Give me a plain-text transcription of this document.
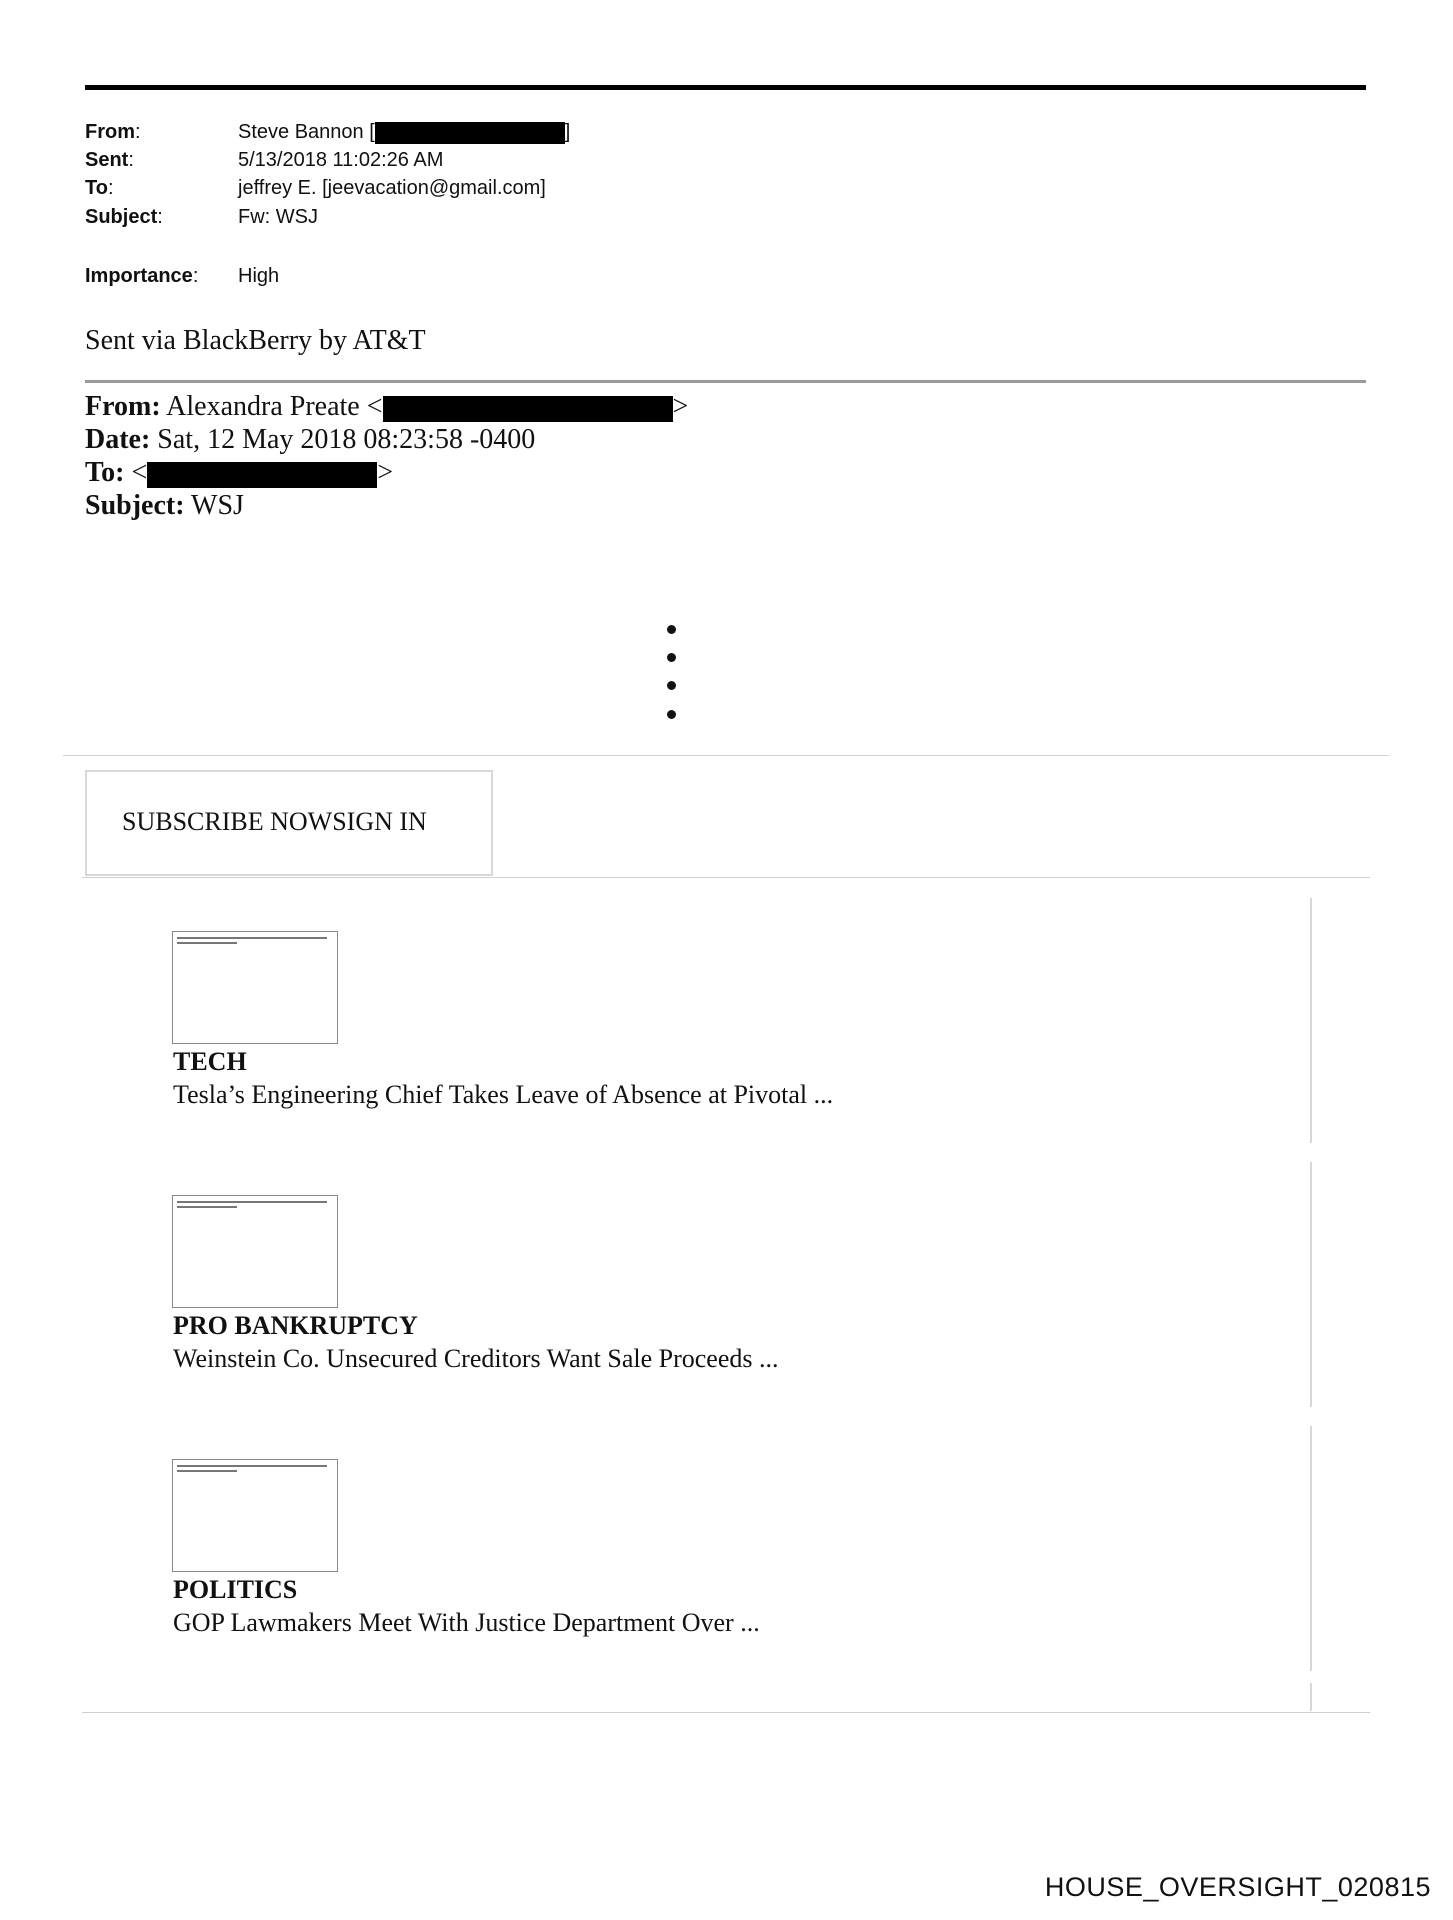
From:	Steve Bannon [	]
Sent:	5/13/2018 11:02:26 AM
To:	jeffrey E. [jeevacation@gmail.com]
Subject:	Fw: WSJ
Importance: High
Sent via BlackBerry by AT&T
From: Alexandra Preate <	>
Date: Sat, 12 May 2018 08:23:58 -0400
To: <	>
Subject: WSJ
SUBSCRIBE NOWSIGN IN
TECH
Tesla’s Engineering Chief Takes Leave of Absence at Pivotal ...
PRO BANKRUPTCY
Weinstein Co. Unsecured Creditors Want Sale Proceeds ...
POLITICS
GOP Lawmakers Meet With Justice Department Over ...
HOUSE_OVERSIGHT_020815
